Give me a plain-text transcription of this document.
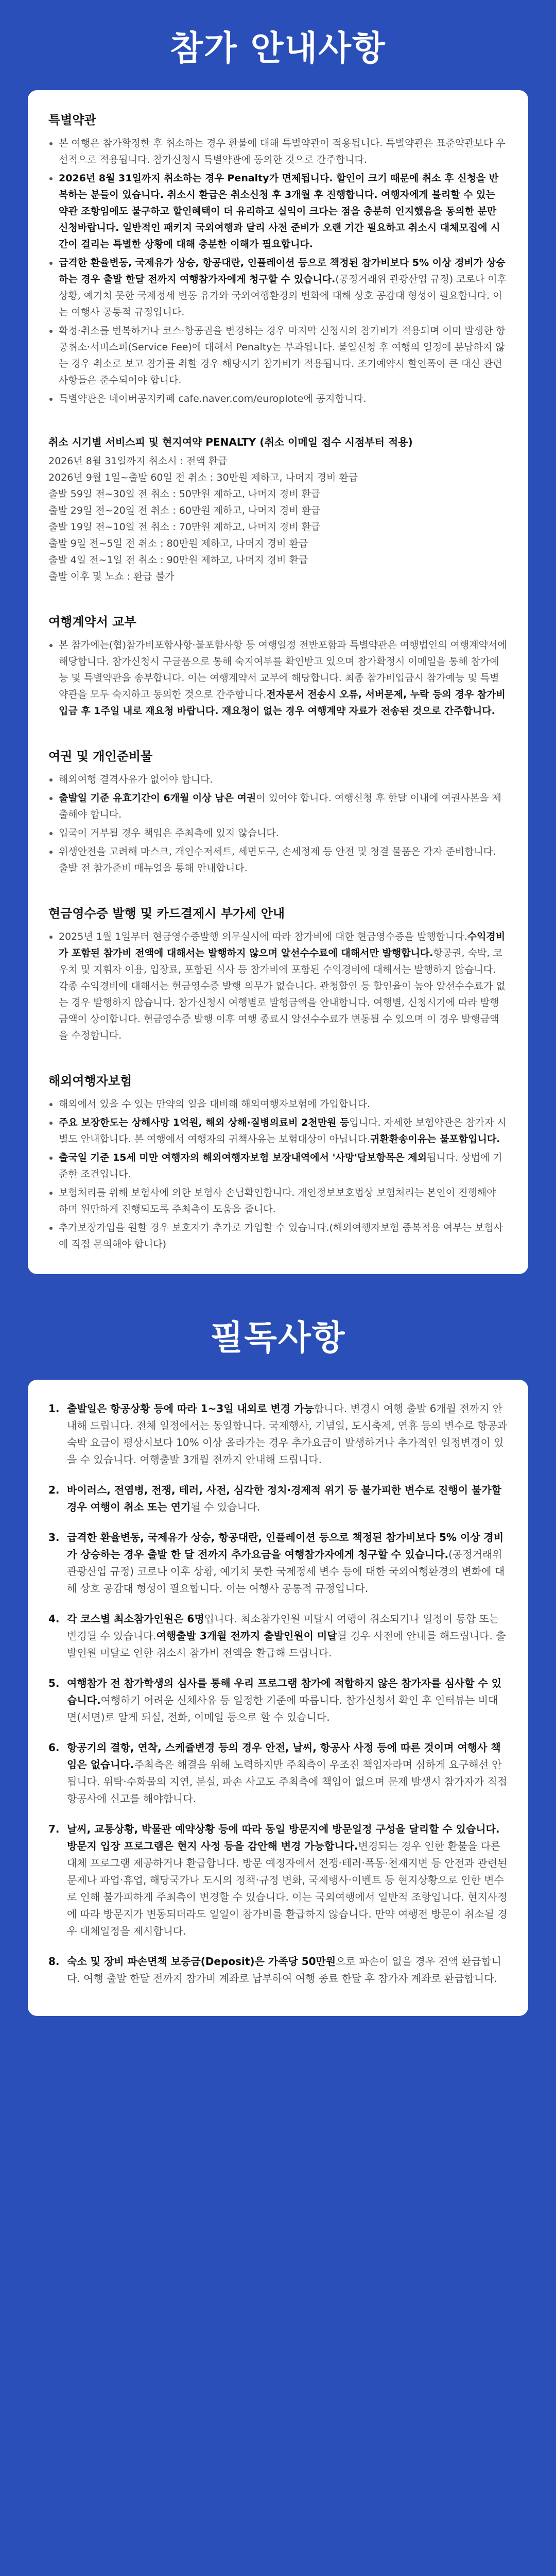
참가 안내사항
특별약관
본 여행은 참가확정한 후 취소하는 경우 환불에 대해 특별약관이 적용됩니다. 특별약관은 표준약관보다 우선적으로 적용됩니다. 참가신청시 특별약관에 동의한 것으로 간주합니다.
2026년 8월 31일까지 취소하는 경우 Penalty가 면제됩니다. 할인이 크기 때문에 취소 후 신청을 반복하는 분들이 있습니다. 취소시 환급은 취소신청 후 3개월 후 진행합니다. 여행자에게 불리할 수 있는 약관 조항임에도 불구하고 할인혜택이 더 유리하고 실익이 크다는 점을 충분히 인지했음을 동의한 분만 신청바랍니다. 일반적인 패키지 국외여행과 달리 사전 준비가 오랜 기간 필요하고 취소시 대체모집에 시간이 걸리는 특별한 상황에 대해 충분한 이해가 필요합니다.
급격한 환율변동, 국제유가 상승, 항공대란, 인플레이션 등으로 책정된 참가비보다 5% 이상 경비가 상승하는 경우 출발 한달 전까지 여행참가자에게 청구할 수 있습니다.(공정거래위 관광산업 규정) 코로나 이후 상황, 예기치 못한 국제정세 변동 유가와 국외여행환경의 변화에 대해 상호 공감대 형성이 필요합니다. 이는 여행사 공통적 규정입니다.
확정·취소를 번복하거나 코스·항공권을 변경하는 경우 마지막 신청시의 참가비가 적용되며 이미 발생한 항공취소·서비스피(Service Fee)에 대해서 Penalty는 부과됩니다. 불일신청 후 여행의 일정에 분납하지 않는 경우 취소로 보고 참가를 취할 경우 해당시기 참가비가 적용됩니다. 조기예약시 할인폭이 큰 대신 관련 사항들은 준수되어야 합니다.
특별약관은 네이버공지카페 cafe.naver.com/europlote에 공지합니다.
취소 시기별 서비스피 및 현지여약 PENALTY (취소 이메일 접수 시점부터 적용)
2026년 8월 31일까지 취소시 : 전액 환급
2026년 9월 1일~출발 60일 전 취소 : 30만원 제하고, 나머지 경비 환급
출발 59일 전~30일 전 취소 : 50만원 제하고, 나머지 경비 환급
출발 29일 전~20일 전 취소 : 60만원 제하고, 나머지 경비 환급
출발 19일 전~10일 전 취소 : 70만원 제하고, 나머지 경비 환급
출발 9일 전~5일 전 취소 : 80만원 제하고, 나머지 경비 환급
출발 4일 전~1일 전 취소 : 90만원 제하고, 나머지 경비 환급
출발 이후 및 노쇼 : 환급 불가
여행계약서 교부
본 참가에는(협)참가비포함사항·불포함사항 등 여행일정 전반포함과 특별약관은 여행법인의 여행계약서에 해당합니다. 참가신청시 구글폼으로 통해 숙지여부를 확인받고 있으며 참가확정시 이메일을 통해 참가예능 및 특별약관을 송부합니다. 이는 여행계약서 교부에 해당합니다. 최종 참가비입금시 참가예능 및 특별약관을 모두 숙지하고 동의한 것으로 간주합니다.전자문서 전송시 오류, 서버문제, 누락 등의 경우 참가비입금 후 1주일 내로 재요청 바랍니다. 재요청이 없는 경우 여행계약 자료가 전송된 것으로 간주합니다.
여권 및 개인준비물
해외여행 결격사유가 없어야 합니다.
출발일 기준 유효기간이 6개월 이상 남은 여권이 있어야 합니다. 여행신청 후 한달 이내에 여권사본을 제출해야 합니다.
입국이 거부될 경우 책임은 주최측에 있지 않습니다.
위생안전을 고려해 마스크, 개인수저세트, 세면도구, 손세정제 등 안전 및 청결 물품은 각자 준비합니다. 출발 전 참가준비 매뉴얼을 통해 안내합니다.
현금영수증 발행 및 카드결제시 부가세 안내
2025년 1월 1일부터 현금영수증발행 의무실시에 따라 참가비에 대한 현금영수증을 발행합니다.수익경비가 포함된 참가비 전액에 대해서는 발행하지 않으며 알선수수료에 대해서만 발행합니다.항공권, 숙박, 코우치 및 지휘자 이용, 입장료, 포함된 식사 등 참가비에 포함된 수익경비에 대해서는 발행하지 않습니다. 각종 수익경비에 대해서는 현금영수증 발행 의무가 없습니다. 관청할인 등 할인율이 높아 알선수수료가 없는 경우 발행하지 않습니다. 참가신청시 여행별로 발행금액을 안내합니다. 여행별, 신청시기에 따라 발행금액이 상이합니다. 현금영수증 발행 이후 여행 종료시 알선수수료가 변동될 수 있으며 이 경우 발행금액을 수정합니다.
해외여행자보험
해외에서 있을 수 있는 만약의 일을 대비해 해외여행자보험에 가입합니다.
주요 보장한도는 상해사망 1억원, 해외 상해·질병의료비 2천만원 등입니다. 자세한 보험약관은 참가자 시 별도 안내합니다. 본 여행에서 여행자의 귀책사유는 보험대상이 아닙니다.귀환환송이유는 불포함입니다.
출국일 기준 15세 미만 여행자의 해외여행자보험 보장내역에서 '사망'담보항목은 제외됩니다. 상법에 기준한 조건입니다.
보험처리를 위해 보험사에 의한 보험사 손님확인합니다. 개인정보보호법상 보험처리는 본인이 진행해야 하며 원만하게 진행되도록 주최측이 도움을 줍니다.
추가보장가입을 원할 경우 보호자가 추가로 가입할 수 있습니다.(해외여행자보험 중복적용 여부는 보험사에 직접 문의해야 합니다)
필독사항
1. 출발일은 항공상황 등에 따라 1~3일 내외로 변경 가능합니다. 변경시 여행 출발 6개월 전까지 안내해 드립니다. 전체 일정에서는 동일합니다. 국제행사, 기념일, 도시축제, 연휴 등의 변수로 항공과 숙박 요금이 평상시보다 10% 이상 올라가는 경우 추가요금이 발생하거나 추가적인 일정변경이 있을 수 있습니다. 여행출발 3개월 전까지 안내해 드립니다.
2. 바이러스, 전염병, 전쟁, 테러, 사전, 심각한 정치·경제적 위기 등 불가피한 변수로 진행이 불가할 경우 여행이 취소 또는 연기될 수 있습니다.
3. 급격한 환율변동, 국제유가 상승, 항공대란, 인플레이션 등으로 책정된 참가비보다 5% 이상 경비가 상승하는 경우 출발 한 달 전까지 추가요금을 여행참가자에게 청구할 수 있습니다.(공정거래위 관광산업 규정) 코로나 이후 상황, 예기치 못한 국제정세 변수 등에 대한 국외여행환경의 변화에 대해 상호 공감대 형성이 필요합니다. 이는 여행사 공통적 규정입니다.
4. 각 코스별 최소참가인원은 6명입니다. 최소참가인원 미달시 여행이 취소되거나 일정이 통합 또는 변경될 수 있습니다.여행출발 3개월 전까지 출발인원이 미달될 경우 사전에 안내를 해드립니다. 출발인원 미달로 인한 취소시 참가비 전액을 환급해 드립니다.
5. 여행참가 전 참가학생의 심사를 통해 우리 프로그램 참가에 적합하지 않은 참가자를 심사할 수 있습니다.여행하기 어려운 신체사유 등 일정한 기준에 따릅니다. 참가신청서 확인 후 인터뷰는 비대면(서면)로 알게 되실, 전화, 이메일 등으로 할 수 있습니다.
6. 항공기의 결항, 연착, 스케쥴변경 등의 경우 안전, 날씨, 항공사 사정 등에 따른 것이며 여행사 책임은 없습니다.주최측은 해결을 위해 노력하지만 주최측이 우조진 책임자라며 심하게 요구해선 안됩니다. 위탁·수화물의 지연, 분실, 파손 사고도 주최측에 책임이 없으며 문제 발생시 참가자가 직접 항공사에 신고를 해야합니다.
7. 날씨, 교통상황, 박물관 예약상황 등에 따라 동일 방문지에 방문일정 구성을 달리할 수 있습니다. 방문지 입장 프로그램은 현지 사정 등을 감안해 변경 가능합니다.변경되는 경우 인한 환불을 다른 대체 프로그램 제공하거나 환급합니다. 방문 예정자에서 전쟁·테러·폭동·천재지변 등 안전과 관련된 문제나 파업·휴업, 해당국가나 도시의 정책·규정 변화, 국제행사·이벤트 등 현지상황으로 인한 변수로 인해 불가피하게 주최측이 변경할 수 있습니다. 이는 국외여행에서 일반적 조항입니다. 현지사정에 따라 방문지가 변동되더라도 일일이 참가비를 환급하지 않습니다. 만약 여행전 방문이 취소될 경우 대체일정을 제시합니다.
8. 숙소 및 장비 파손면책 보증금(Deposit)은 가족당 50만원으로 파손이 없을 경우 전액 환급합니다. 여행 출발 한달 전까지 참가비 계좌로 납부하여 여행 종료 한달 후 참가자 계좌로 환급합니다.
